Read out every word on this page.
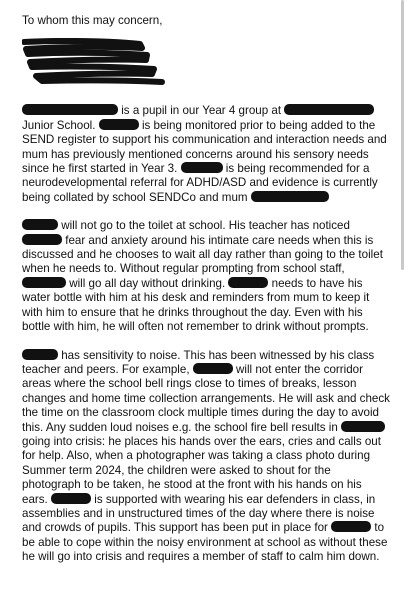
To whom this may concern,

is a pupil in our Year 4 group at  Junior School.	is being monitored prior to being added to the SEND register to support his communication and interaction needs and mum has previously mentioned concerns around his sensory needs since he first started in Year 3.	is being recommended for a neurodevelopmental referral for ADHD/ASD and evidence is currently being collated by school SENDCo and mum

will not go to the toilet at school. His teacher has noticed  fear and anxiety around his intimate care needs when this is discussed and he chooses to wait all day rather than going to the toilet when he needs to. Without regular prompting from school staff,  will go all day without drinking.	needs to have his water bottle with him at his desk and reminders from mum to keep it with him to ensure that he drinks throughout the day. Even with his bottle with him, he will often not remember to drink without prompts.

has sensitivity to noise. This has been witnessed by his class teacher and peers. For example,	will not enter the corridor areas where the school bell rings close to times of breaks, lesson changes and home time collection arrangements. He will ask and check the time on the classroom clock multiple times during the day to avoid this. Any sudden loud noises e.g. the school fire bell results in  going into crisis: he places his hands over the ears, cries and calls out for help. Also, when a photographer was taking a class photo during Summer term 2024, the children were asked to shout for the photograph to be taken, he stood at the front with his hands on his ears.	is supported with wearing his ear defenders in class, in assemblies and in unstructured times of the day where there is noise and crowds of pupils. This support has been put in place for	to be able to cope within the noisy environment at school as without these he will go into crisis and requires a member of staff to calm him down.
